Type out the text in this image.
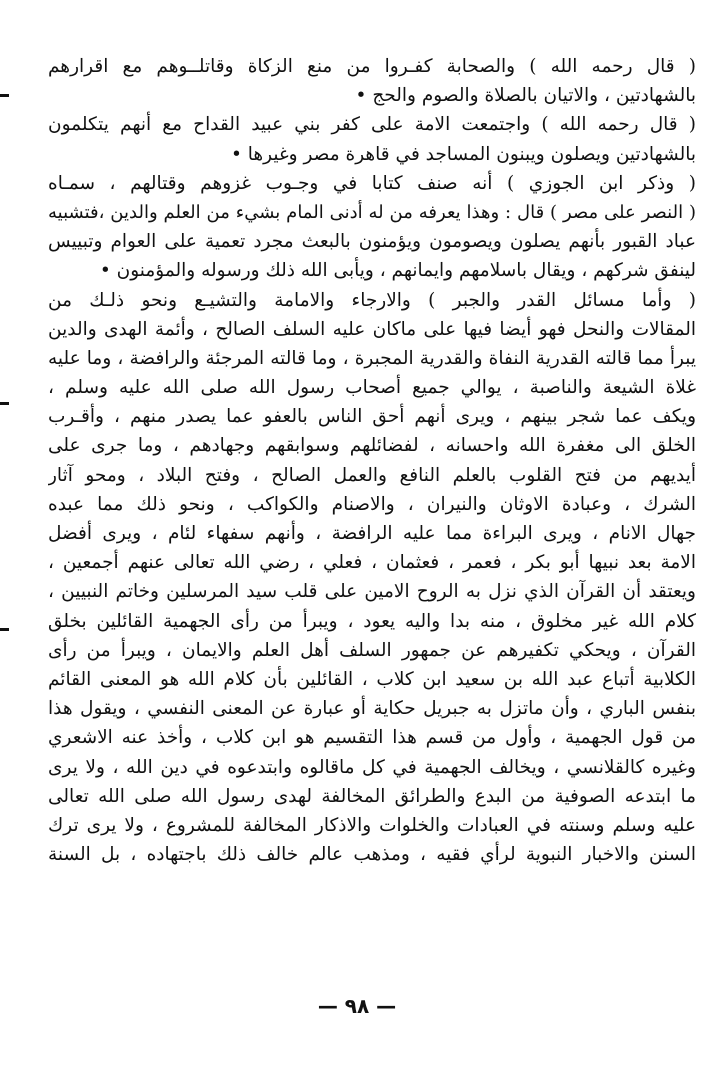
( قال رحمه الله ) والصحابة كفـروا من منع الزكاة وقاتلــوهم مع اقرارهم
بالشهادتين ، والاتيان بالصلاة والصوم والحج •
( قال رحمه الله ) واجتمعت الامة على كفر بني عبيد القداح مع أنهم يتكلمون
بالشهادتين ويصلون ويبنون المساجد في قاهرة مصر وغيرها •
( وذكر ابن الجوزي ) أنه صنف كتابا في وجـوب غزوهم وقتالهم ، سمـاه
( النصر على مصر ) قال : وهذا يعرفه من له أدنى المام بشيء من العلم والدين ،فتشبيه
عباد القبور بأنهم يصلون ويصومون ويؤمنون بالبعث مجرد تعمية على العوام وتبييس
لينفق شركهم ، ويقال باسلامهم وايمانهم ، ويأبى الله ذلك ورسوله والمؤمنون •
( وأما مسائل القدر والجبر ) والارجاء والامامة والتشيـع ونحو ذلـك من
المقالات والنحل فهو أيضا فيها على ماكان عليه السلف الصالح ، وأئمة الهدى والدين
يبرأ مما قالته القدرية النفاة والقدرية المجبرة ، وما قالته المرجئة والرافضة ، وما عليه
غلاة الشيعة والناصبة ، يوالي جميع أصحاب رسول الله صلى الله عليه وسلم ،
ويكف عما شجر بينهم ، ويرى أنهم أحق الناس بالعفو عما يصدر منهم ، وأقـرب
الخلق الى مغفرة الله واحسانه ، لفضائلهم وسوابقهم وجهادهم ، وما جرى على
أيديهم من فتح القلوب بالعلم النافع والعمل الصالح ، وفتح البلاد ، ومحو آثار
الشرك ، وعبادة الاوثان والنيران ، والاصنام والكواكب ، ونحو ذلك مما عبده
جهال الانام ، ويرى البراءة مما عليه الرافضة ، وأنهم سفهاء لئام ، ويرى أفضل
الامة بعد نبيها أبو بكر ، فعمر ، فعثمان ، فعلي ، رضي الله تعالى عنهم أجمعين ،
ويعتقد أن القرآن الذي نزل به الروح الامين على قلب سيد المرسلين وخاتم النبيين ،
كلام الله غير مخلوق ، منه بدا واليه يعود ، ويبرأ من رأى الجهمية القائلين بخلق
القرآن ، ويحكي تكفيرهم عن جمهور السلف أهل العلم والايمان ، ويبرأ من رأى
الكلابية أتباع عبد الله بن سعيد ابن كلاب ، القائلين بأن كلام الله هو المعنى القائم
بنفس الباري ، وأن ماتزل به جبريل حكاية أو عبارة عن المعنى النفسي ، ويقول هذا
من قول الجهمية ، وأول من قسم هذا التقسيم هو ابن كلاب ، وأخذ عنه الاشعري
وغيره كالقلانسي ، ويخالف الجهمية في كل ماقالوه وابتدعوه في دين الله ، ولا يرى
ما ابتدعه الصوفية من البدع والطرائق المخالفة لهدى رسول الله صلى الله تعالى
عليه وسلم وسنته في العبادات والخلوات والاذكار المخالفة للمشروع ، ولا يرى ترك
السنن والاخبار النبوية لرأي فقيه ، ومذهب عالم خالف ذلك باجتهاده ، بل السنة
— ٩٨ —
